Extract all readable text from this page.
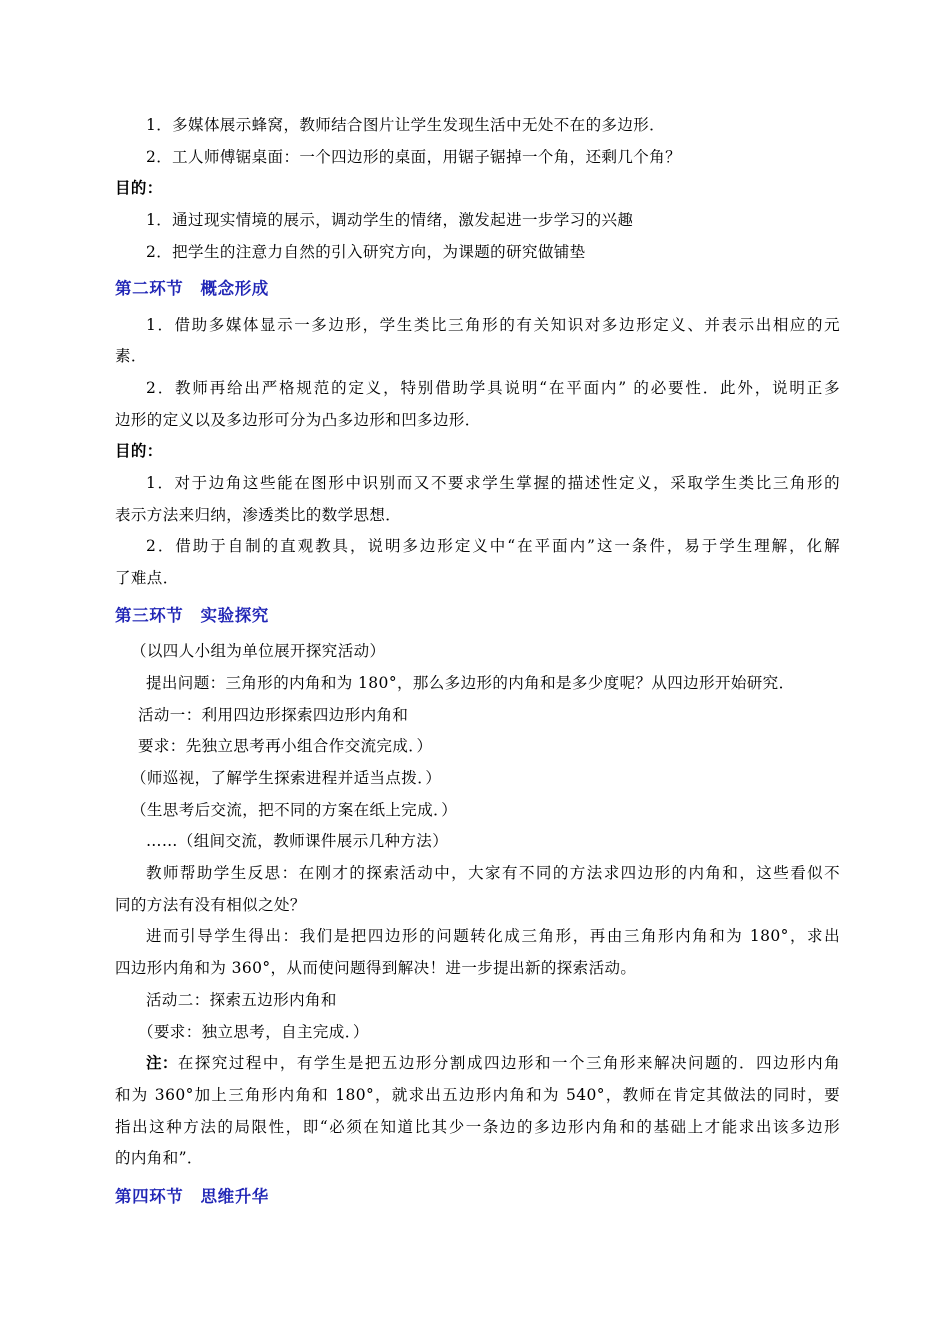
1．多媒体展示蜂窝，教师结合图片让学生发现生活中无处不在的多边形．
2．工人师傅锯桌面：一个四边形的桌面，用锯子锯掉一个角，还剩几个角？
目的：
1．通过现实情境的展示，调动学生的情绪，激发起进一步学习的兴趣
2．把学生的注意力自然的引入研究方向，为课题的研究做铺垫
第二环节　概念形成
1．借助多媒体显示一多边形，学生类比三角形的有关知识对多边形定义、并表示出相应的元
素．
2．教师再给出严格规范的定义，特别借助学具说明“在平面内” 的必要性．此外，说明正多
边形的定义以及多边形可分为凸多边形和凹多边形．
目的：
1．对于边角这些能在图形中识别而又不要求学生掌握的描述性定义，采取学生类比三角形的
表示方法来归纳，渗透类比的数学思想．
2．借助于自制的直观教具，说明多边形定义中“在平面内”这一条件，易于学生理解，化解
了难点．
第三环节　实验探究
（以四人小组为单位展开探究活动）
提出问题：三角形的内角和为 180°，那么多边形的内角和是多少度呢？从四边形开始研究．
活动一：利用四边形探索四边形内角和
要求：先独立思考再小组合作交流完成．）
（师巡视，了解学生探索进程并适当点拨．）
（生思考后交流，把不同的方案在纸上完成．）
……（组间交流，教师课件展示几种方法）
教师帮助学生反思：在刚才的探索活动中，大家有不同的方法求四边形的内角和，这些看似不
同的方法有没有相似之处？
进而引导学生得出：我们是把四边形的问题转化成三角形，再由三角形内角和为 180°，求出
四边形内角和为 360°，从而使问题得到解决！进一步提出新的探索活动。
活动二：探索五边形内角和
（要求：独立思考，自主完成．）
注： 在探究过程中，有学生是把五边形分割成四边形和一个三角形来解决问题的．四边形内角
和为 360°加上三角形内角和 180°，就求出五边形内角和为 540°，教师在肯定其做法的同时，要
指出这种方法的局限性，即“必须在知道比其少一条边的多边形内角和的基础上才能求出该多边形
的内角和”．
第四环节　思维升华
